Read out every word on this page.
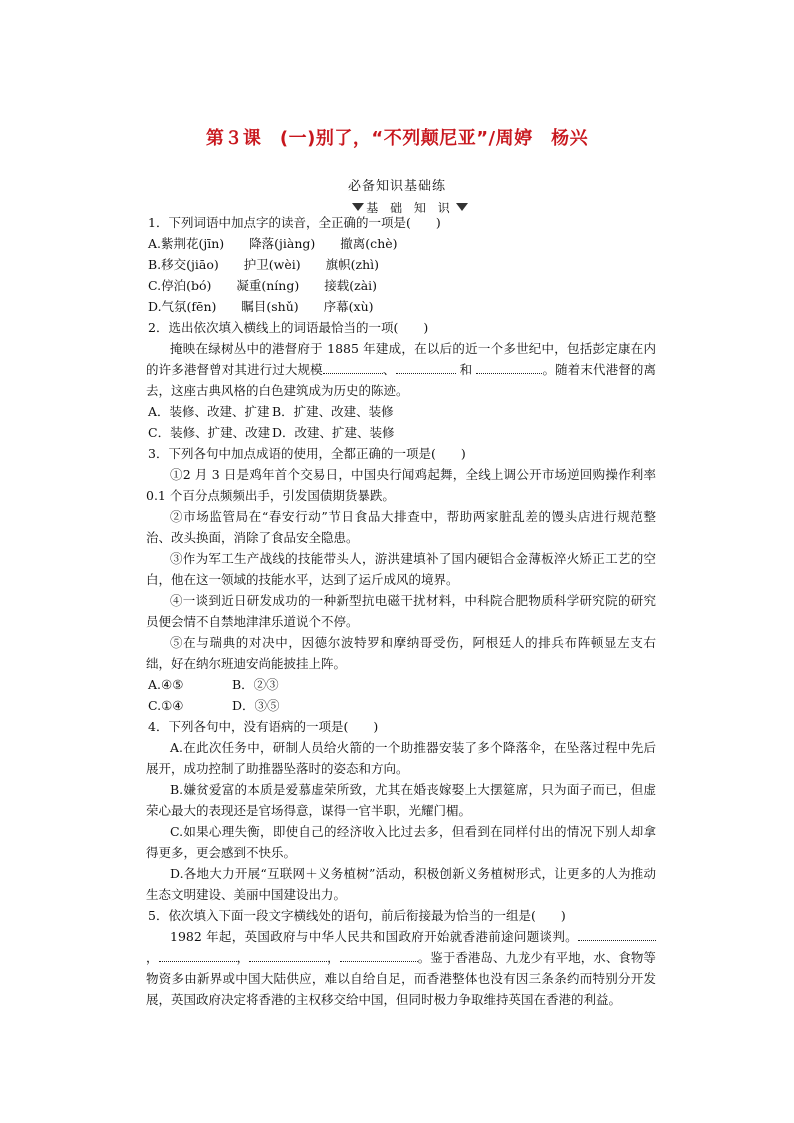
第３课　(一)别了，“不列颠尼亚”/周婷　杨兴
必备知识基础练
基 础 知 识
1．下列词语中加点字的读音，全正确的一项是(　　)
A.紫荆花(jīn)　　降落(jiàng)　　撤离(chè)
B.移交(jiāo)　　护卫(wèi)　　旗帜(zhì)
C.停泊(bó)　　凝重(níng)　　接载(zài)
D.气氛(fēn)　　瞩目(shǔ)　　序幕(xù)
2．选出依次填入横线上的词语最恰当的一项(　　)
掩映在绿树丛中的港督府于 1885 年建成，在以后的近一个多世纪中，包括彭定康在内的许多港督曾对其进行过大规模	、	和	。随着末代港督的离去，这座古典风格的白色建筑成为历史的陈迹。
A．装修、改建、扩建 B．扩建、改建、装修
C．装修、扩建、改建 D．改建、扩建、装修
3．下列各句中加点成语的使用，全都正确的一项是(　　)
①2 月 3 日是鸡年首个交易日，中国央行闻鸡起舞，全线上调公开市场逆回购操作利率0.1 个百分点频频出手，引发国债期货暴跌。
②市场监管局在“春安行动”节日食品大排查中，帮助两家脏乱差的馒头店进行规范整治、改头换面，消除了食品安全隐患。
③作为军工生产战线的技能带头人，游洪建填补了国内硬铝合金薄板淬火矫正工艺的空白，他在这一领域的技能水平，达到了运斤成风的境界。
④一谈到近日研发成功的一种新型抗电磁干扰材料，中科院合肥物质科学研究院的研究员便会情不自禁地津津乐道说个不停。
⑤在与瑞典的对决中，因德尔波特罗和摩纳哥受伤，阿根廷人的排兵布阵顿显左支右绌，好在纳尔班迪安尚能披挂上阵。
A.④⑤	B．②③
C.①④	D．③⑤
4．下列各句中，没有语病的一项是(　　)
A.在此次任务中，研制人员给火箭的一个助推器安装了多个降落伞，在坠落过程中先后展开，成功控制了助推器坠落时的姿态和方向。
B.嫌贫爱富的本质是爱慕虚荣所致，尤其在婚丧嫁娶上大摆筵席，只为面子而已，但虚荣心最大的表现还是官场得意，谋得一官半职，光耀门楣。
C.如果心理失衡，即使自己的经济收入比过去多，但看到在同样付出的情况下别人却拿得更多，更会感到不快乐。
D.各地大力开展“互联网＋义务植树”活动，积极创新义务植树形式，让更多的人为推动生态文明建设、美丽中国建设出力。
5．依次填入下面一段文字横线处的语句，前后衔接最为恰当的一组是(　　)
1982 年起，英国政府与中华人民共和国政府开始就香港前途问题谈判。，	，	，	。鉴于香港岛、九龙少有平地，水、食物等物资多由新界或中国大陆供应，难以自给自足，而香港整体也没有因三条条约而特别分开发展，英国政府决定将香港的主权移交给中国，但同时极力争取维持英国在香港的利益。
